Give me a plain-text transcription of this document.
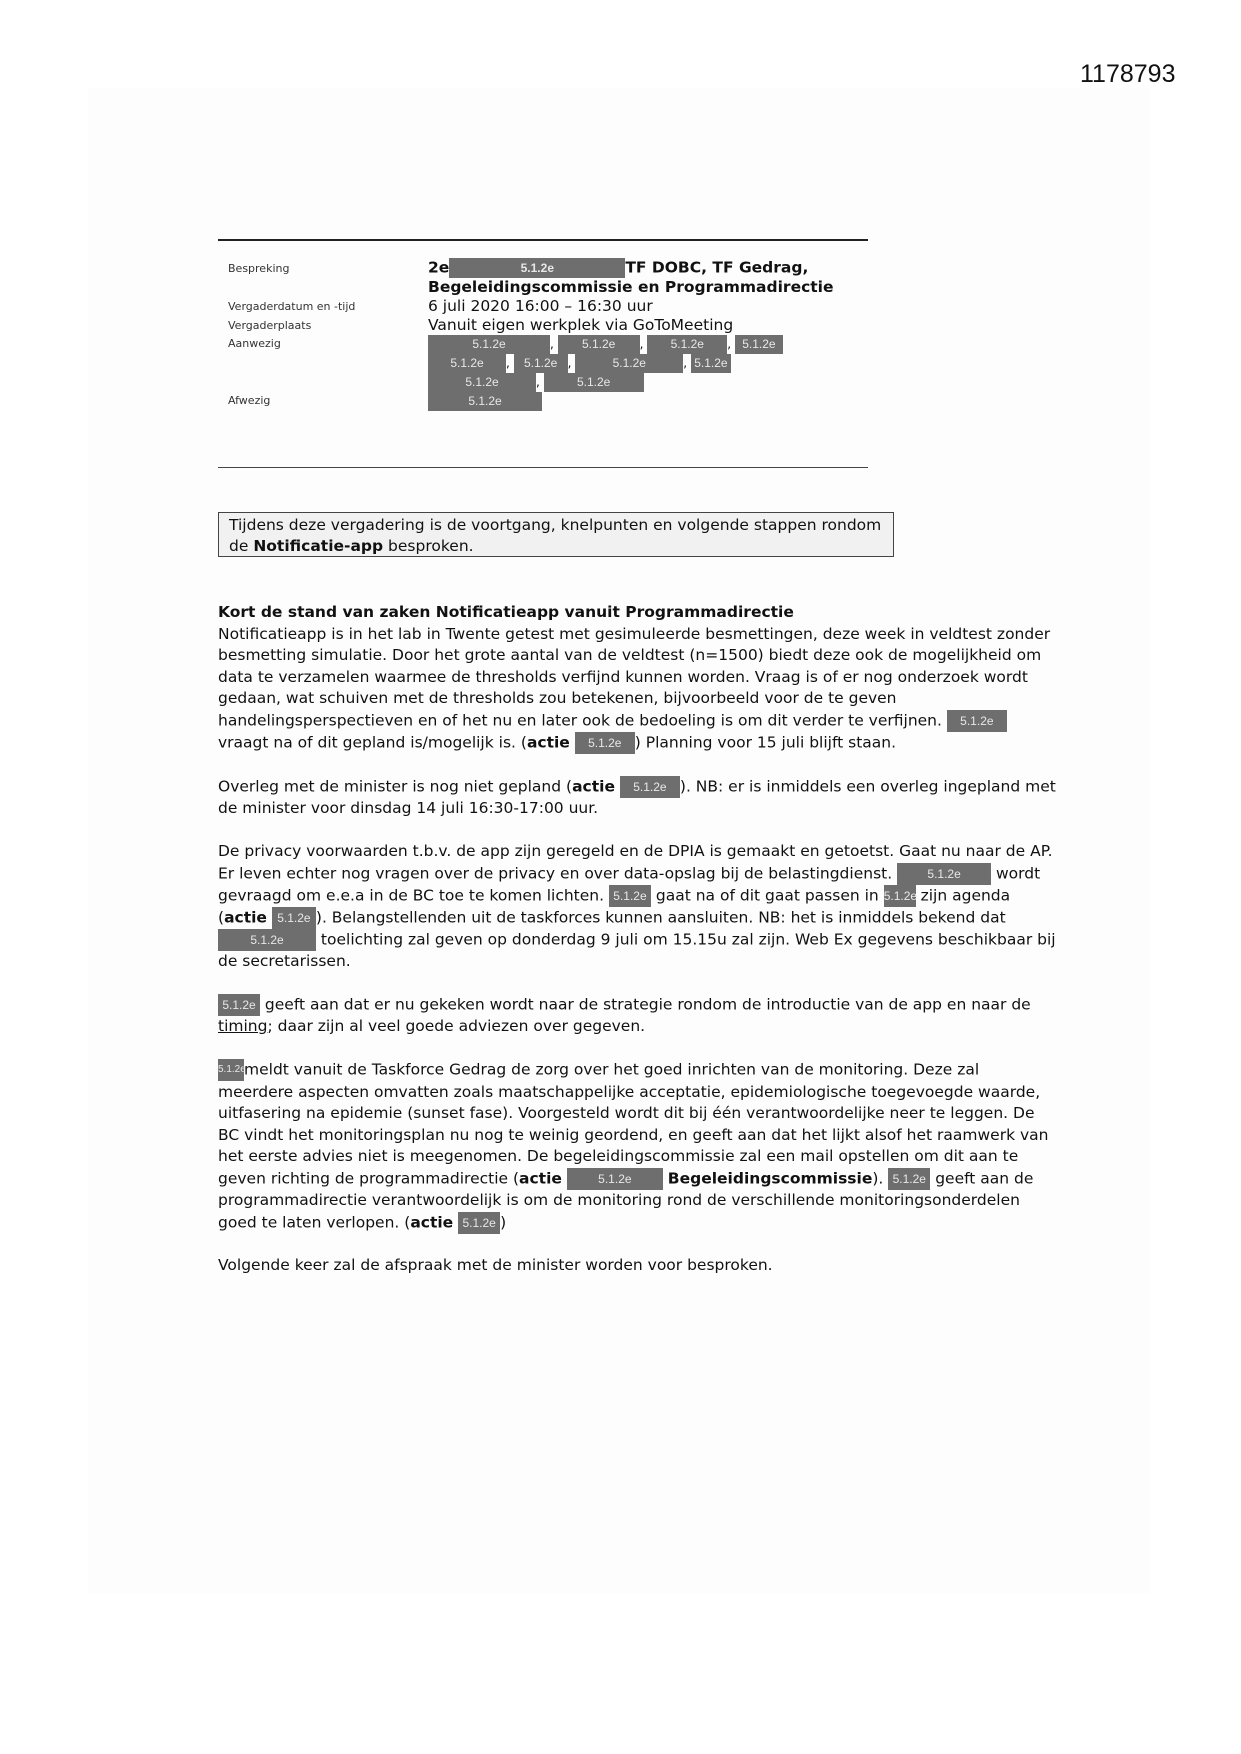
1178793
Bespreking	2e	5.1.2e	TF DOBC, TF Gedrag,
Begeleidingscommissie en Programmadirectie
Vergaderdatum en -tijd	6 juli 2020 16:00 – 16:30 uur
Vergaderplaats	Vanuit eigen werkplek via GoToMeeting
Aanwezig	5.1.2e	, 5.1.2e , 5.1.2e , 5.1.2e
5.1.2e , 5.1.2e ,	5.1.2e	, 5.1.2e
5.1.2e	,	5.1.2e
Afwezig	5.1.2e
Tijdens deze vergadering is de voortgang, knelpunten en volgende stappen rondom de Notificatie-app besproken.
Kort de stand van zaken Notificatieapp vanuit Programmadirectie

Notificatieapp is in het lab in Twente getest met gesimuleerde besmettingen, deze week in veldtest zonder besmetting simulatie. Door het grote aantal van de veldtest (n=1500) biedt deze ook de mogelijkheid om data te verzamelen waarmee de thresholds verfijnd kunnen worden. Vraag is of er nog onderzoek wordt gedaan, wat schuiven met de thresholds zou betekenen, bijvoorbeeld voor de te geven handelingsperspectieven en of het nu en later ook de bedoeling is om dit verder te verfijnen. 5.1.2e vraagt na of dit gepland is/mogelijk is. (actie 5.1.2e ) Planning voor 15 juli blijft staan.

Overleg met de minister is nog niet gepland (actie 5.1.2e ). NB: er is inmiddels een overleg ingepland met de minister voor dinsdag 14 juli 16:30-17:00 uur.

De privacy voorwaarden t.b.v. de app zijn geregeld en de DPIA is gemaakt en getoetst. Gaat nu naar de AP. Er leven echter nog vragen over de privacy en over data-opslag bij de belastingdienst.	5.1.2e wordt gevraagd om e.e.a in de BC toe te komen lichten. 5.1.2e gaat na of dit gaat passen in 5.1.2e zijn agenda (actie 5.1.2e ). Belangstellenden uit de taskforces kunnen aansluiten. NB: het is inmiddels bekend dat 5.1.2e toelichting zal geven op donderdag 9 juli om 15.15u zal zijn. Web Ex gegevens beschikbaar bij de secretarissen.

5.1.2e geeft aan dat er nu gekeken wordt naar de strategie rondom de introductie van de app en naar de timing; daar zijn al veel goede adviezen over gegeven.

5.1.2emeldt vanuit de Taskforce Gedrag de zorg over het goed inrichten van de monitoring. Deze zal meerdere aspecten omvatten zoals maatschappelijke acceptatie, epidemiologische toegevoegde waarde, uitfasering na epidemie (sunset fase). Voorgesteld wordt dit bij één verantwoordelijke neer te leggen. De BC vindt het monitoringsplan nu nog te weinig geordend, en geeft aan dat het lijkt alsof het raamwerk van het eerste advies niet is meegenomen. De begeleidingscommissie zal een mail opstellen om dit aan te geven richting de programmadirectie (actie	5.1.2e Begeleidingscommissie). 5.1.2e geeft aan de programmadirectie verantwoordelijk is om de monitoring rond de verschillende monitoringsonderdelen goed te laten verlopen. (actie 5.1.2e )

Volgende keer zal de afspraak met de minister worden voor besproken.
